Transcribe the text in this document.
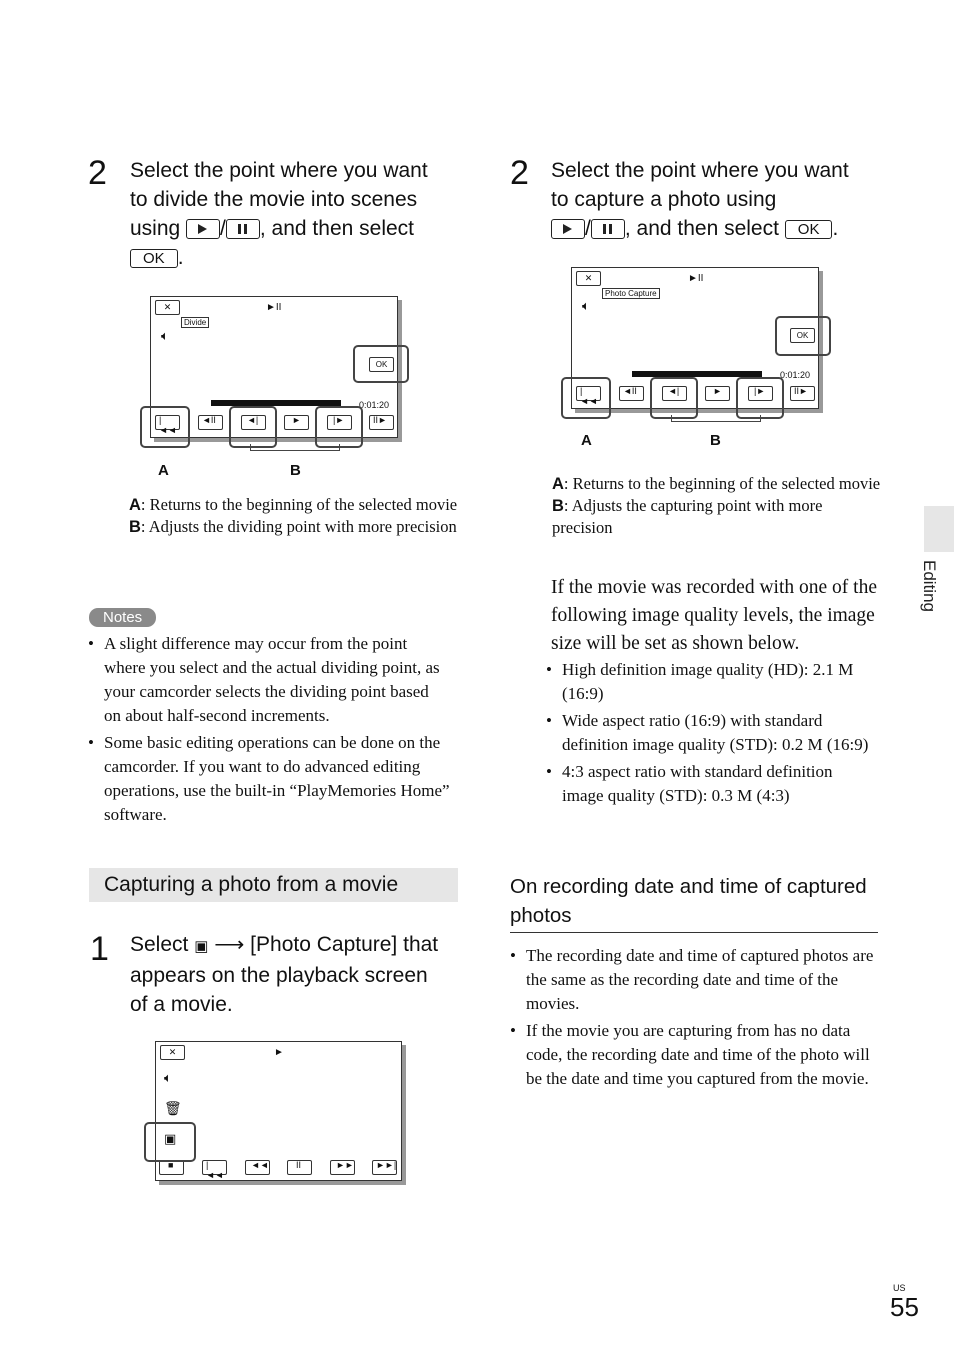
2 Select the point where you want
to divide the movie into scenes
using
/ , and then select
OK .
✕	►II
Divide
🔈︎
OK
0:01:20
|◄◄
◄II	◄|	►	|►	II►
A	B
A: Returns to the beginning of the selected movie
B: Adjusts the dividing point with more precision
Notes
• A slight difference may occur from the point where you select and the actual dividing point, as your camcorder selects the dividing point based on about half-second increments.
• Some basic editing operations can be done on the camcorder. If you want to do advanced editing operations, use the built-in “PlayMemories Home” software.
Capturing a photo from a movie
1 Select ▣ ⟶ [Photo Capture] that
appears on the playback screen
of a movie.
✕	►
🔈︎
🗑︎
▣
■	|◄◄
◄◄	II	►► ►►|
2 Select the point where you want
to capture a photo using
/ , and then select OK .
✕	►II
Photo Capture
🔈︎
OK
0:01:20
|◄◄
◄II	◄|	►	|►	II►
A	B
A: Returns to the beginning of the selected movie
B: Adjusts the capturing point with more precision
If the movie was recorded with one of the following image quality levels, the image size will be set as shown below.
• High definition image quality (HD): 2.1 M (16:9)
• Wide aspect ratio (16:9) with standard definition image quality (STD): 0.2 M (16:9)
• 4:3 aspect ratio with standard definition image quality (STD): 0.3 M (4:3)
On recording date and time of captured photos
• The recording date and time of captured photos are the same as the recording date and time of the movies.
• If the movie you are capturing from has no data code, the recording date and time of the photo will be the date and time you captured from the movie.
Editing
US
55
